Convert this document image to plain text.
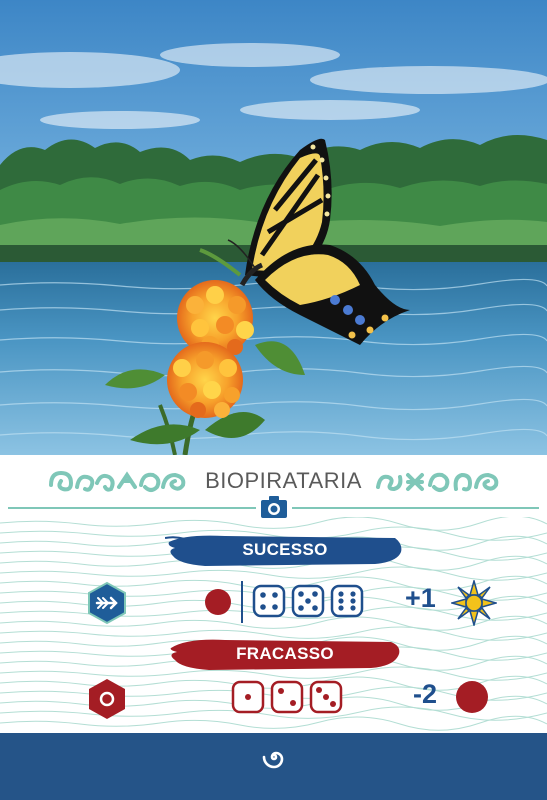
BIOPIRATARIA
SUCESSO
+1
FRACASSO
-2
